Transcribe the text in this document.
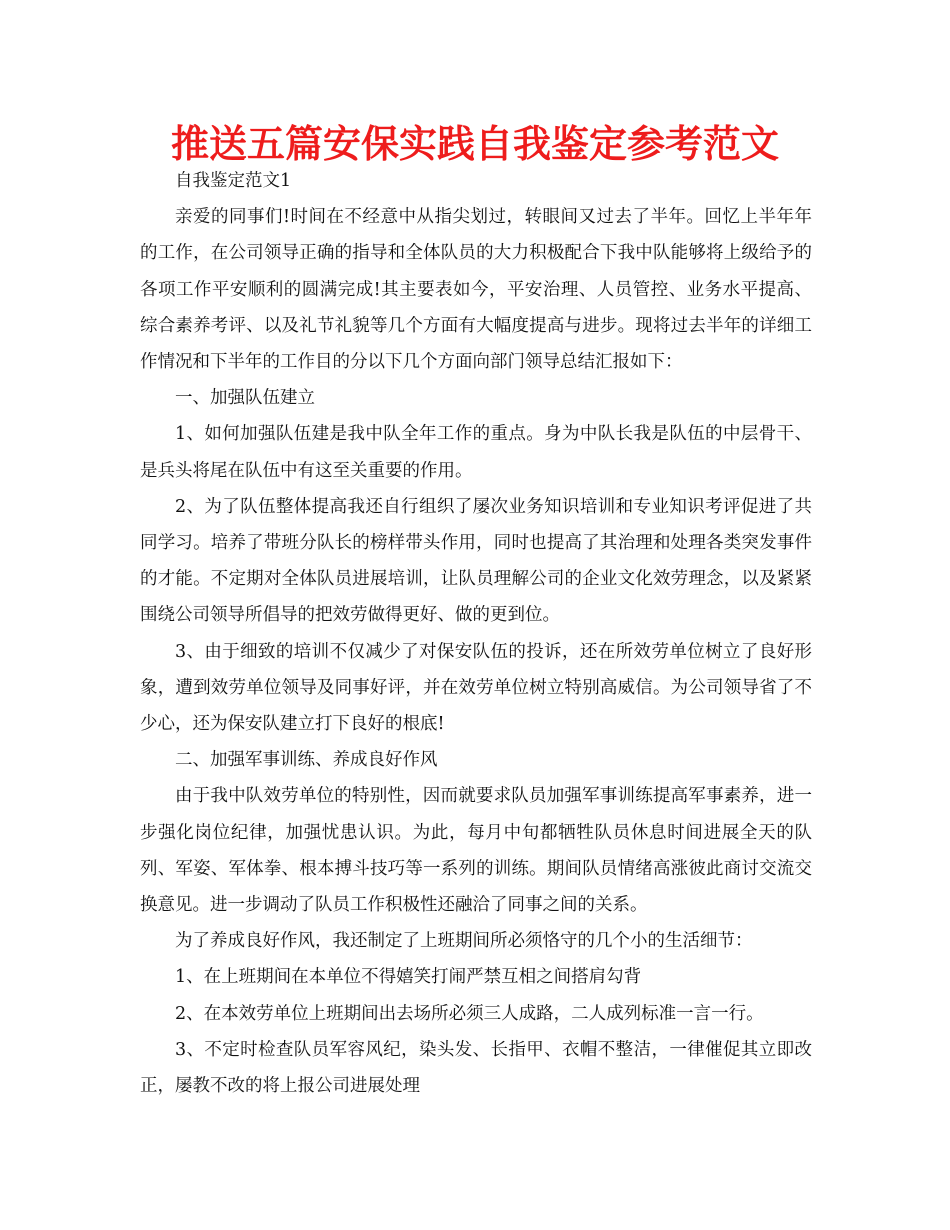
推送五篇安保实践自我鉴定参考范文

自我鉴定范文1

亲爱的同事们!时间在不经意中从指尖划过，转眼间又过去了半年。回忆上半年年的工作，在公司领导正确的指导和全体队员的大力积极配合下我中队能够将上级给予的各项工作平安顺利的圆满完成!其主要表如今，平安治理、人员管控、业务水平提高、综合素养考评、以及礼节礼貌等几个方面有大幅度提高与进步。现将过去半年的详细工作情况和下半年的工作目的分以下几个方面向部门领导总结汇报如下：

一、加强队伍建立

1、如何加强队伍建是我中队全年工作的重点。身为中队长我是队伍的中层骨干、是兵头将尾在队伍中有这至关重要的作用。

2、为了队伍整体提高我还自行组织了屡次业务知识培训和专业知识考评促进了共同学习。培养了带班分队长的榜样带头作用，同时也提高了其治理和处理各类突发事件的才能。不定期对全体队员进展培训，让队员理解公司的企业文化效劳理念，以及紧紧围绕公司领导所倡导的把效劳做得更好、做的更到位。

3、由于细致的培训不仅减少了对保安队伍的投诉，还在所效劳单位树立了良好形象，遭到效劳单位领导及同事好评，并在效劳单位树立特别高威信。为公司领导省了不少心，还为保安队建立打下良好的根底!

二、加强军事训练、养成良好作风

由于我中队效劳单位的特别性，因而就要求队员加强军事训练提高军事素养，进一步强化岗位纪律，加强忧患认识。为此，每月中旬都牺牲队员休息时间进展全天的队列、军姿、军体拳、根本搏斗技巧等一系列的训练。期间队员情绪高涨彼此商讨交流交换意见。进一步调动了队员工作积极性还融洽了同事之间的关系。

为了养成良好作风，我还制定了上班期间所必须恪守的几个小的生活细节：

1、在上班期间在本单位不得嬉笑打闹严禁互相之间搭肩勾背

2、在本效劳单位上班期间出去场所必须三人成路，二人成列标准一言一行。

3、不定时检查队员军容风纪，染头发、长指甲、衣帽不整洁，一律催促其立即改正，屡教不改的将上报公司进展处理
